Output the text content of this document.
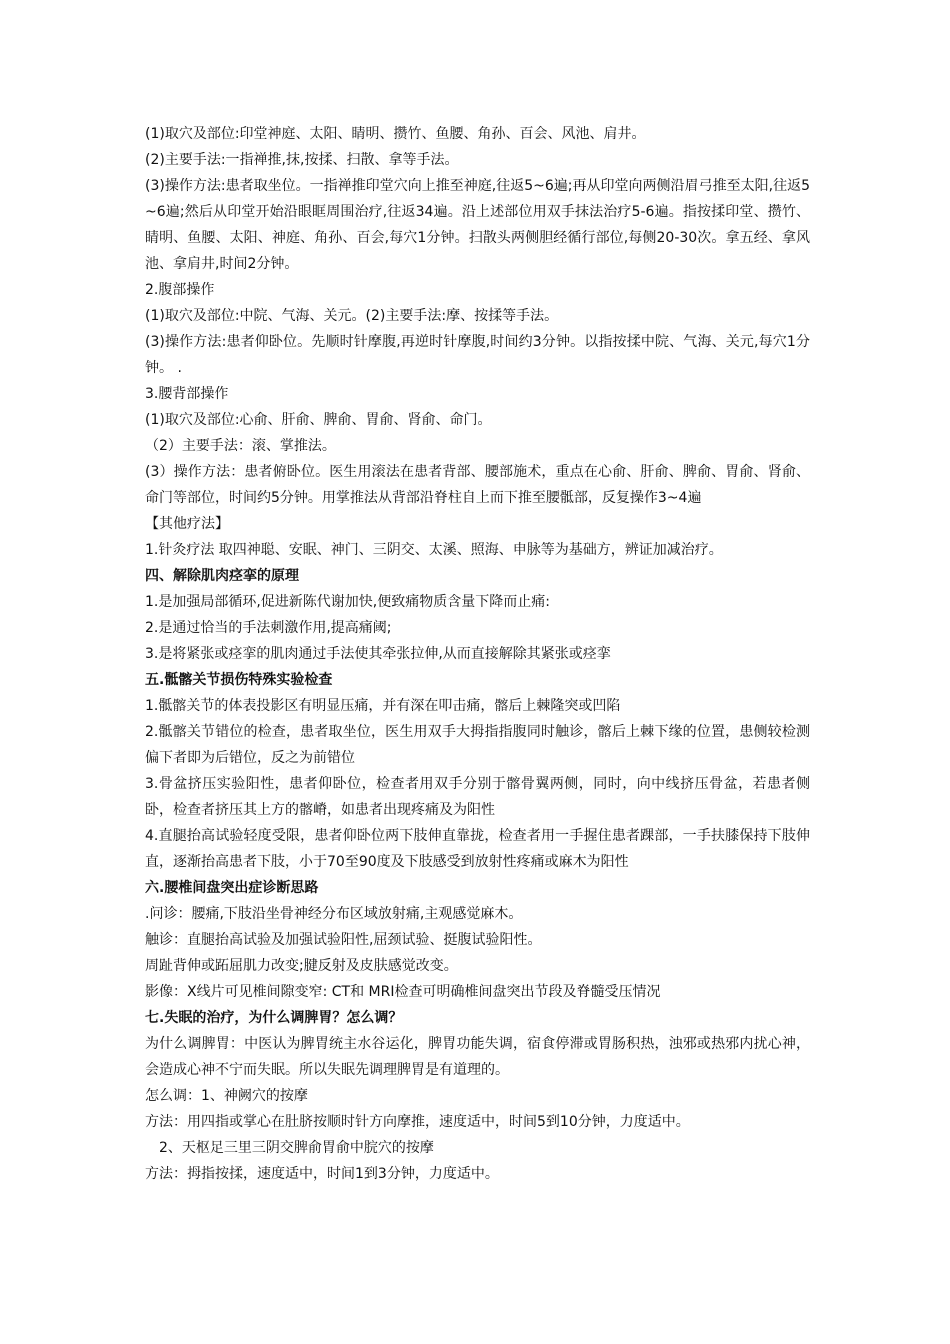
(1)取穴及部位:印堂神庭、太阳、睛明、攒竹、鱼腰、角孙、百会、风池、肩井。

(2)主要手法:一指禅推,抹,按揉、扫散、拿等手法。

(3)操作方法:患者取坐位。一指禅推印堂穴向上推至神庭,往返5~6遍;再从印堂向两侧沿眉弓推至太阳,往返5~6遍;然后从印堂开始沿眼眶周围治疗,往返34遍。沿上述部位用双手抹法治疗5-6遍。指按揉印堂、攒竹、睛明、鱼腰、太阳、神庭、角孙、百会,每穴1分钟。扫散头两侧胆经循行部位,每侧20-30次。拿五经、拿风池、拿肩井,时间2分钟。

2.腹部操作

(1)取穴及部位:中院、气海、关元。(2)主要手法:摩、按揉等手法。

(3)操作方法:患者仰卧位。先顺时针摩腹,再逆时针摩腹,时间约3分钟。以指按揉中院、气海、关元,每穴1分钟。 .

3.腰背部操作

(1)取穴及部位:心俞、肝俞、脾俞、胃俞、肾俞、命门。

（2）主要手法：滚、掌推法。

(3）操作方法：患者俯卧位。医生用滚法在患者背部、腰部施术，重点在心俞、肝俞、脾俞、胃俞、肾俞、命门等部位，时间约5分钟。用掌推法从背部沿脊柱自上而下推至腰骶部，反复操作3~4遍

【其他疗法】

1.针灸疗法 取四神聪、安眠、神门、三阴交、太溪、照海、申脉等为基础方，辨证加减治疗。

四、解除肌肉痉挛的原理

1.是加强局部循环,促进新陈代谢加快,便致痛物质含量下降而止痛:

2.是通过恰当的手法刺激作用,提高痛阈;

3.是将紧张或痉挛的肌肉通过手法使其牵张拉伸,从而直接解除其紧张或痉挛

五.骶髂关节损伤特殊实验检查

1.骶髂关节的体表投影区有明显压痛，并有深在叩击痛，髂后上棘隆突或凹陷

2.骶髂关节错位的检查，患者取坐位，医生用双手大拇指指腹同时触诊，髂后上棘下缘的位置，患侧较检测偏下者即为后错位，反之为前错位

3.骨盆挤压实验阳性，患者仰卧位，检查者用双手分别于髂骨翼两侧，同时，向中线挤压骨盆，若患者侧卧，检查者挤压其上方的髂嵴，如患者出现疼痛及为阳性

4.直腿抬高试验轻度受限，患者仰卧位两下肢伸直靠拢，检查者用一手握住患者踝部，一手扶膝保持下肢伸直，逐渐抬高患者下肢，小于70至90度及下肢感受到放射性疼痛或麻木为阳性

六.腰椎间盘突出症诊断思路

.问诊：腰痛,下肢沿坐骨神经分布区域放射痛,主观感觉麻木。

触诊：直腿抬高试验及加强试验阳性,屈颈试验、挺腹试验阳性。

周趾背伸或跖屈肌力改变;腱反射及皮肤感觉改变。

影像：X线片可见椎间隙变窄: CT和 MRI检查可明确椎间盘突出节段及脊髓受压情况

七.失眠的治疗，为什么调脾胃？怎么调？

为什么调脾胃：中医认为脾胃统主水谷运化，脾胃功能失调，宿食停滞或胃肠积热，浊邪或热邪内扰心神，会造成心神不宁而失眠。所以失眠先调理脾胃是有道理的。

怎么调：1、神阙穴的按摩

方法：用四指或掌心在肚脐按顺时针方向摩推，速度适中，时间5到10分钟，力度适中。

2、天枢足三里三阴交脾俞胃俞中脘穴的按摩

方法：拇指按揉，速度适中，时间1到3分钟，力度适中。
